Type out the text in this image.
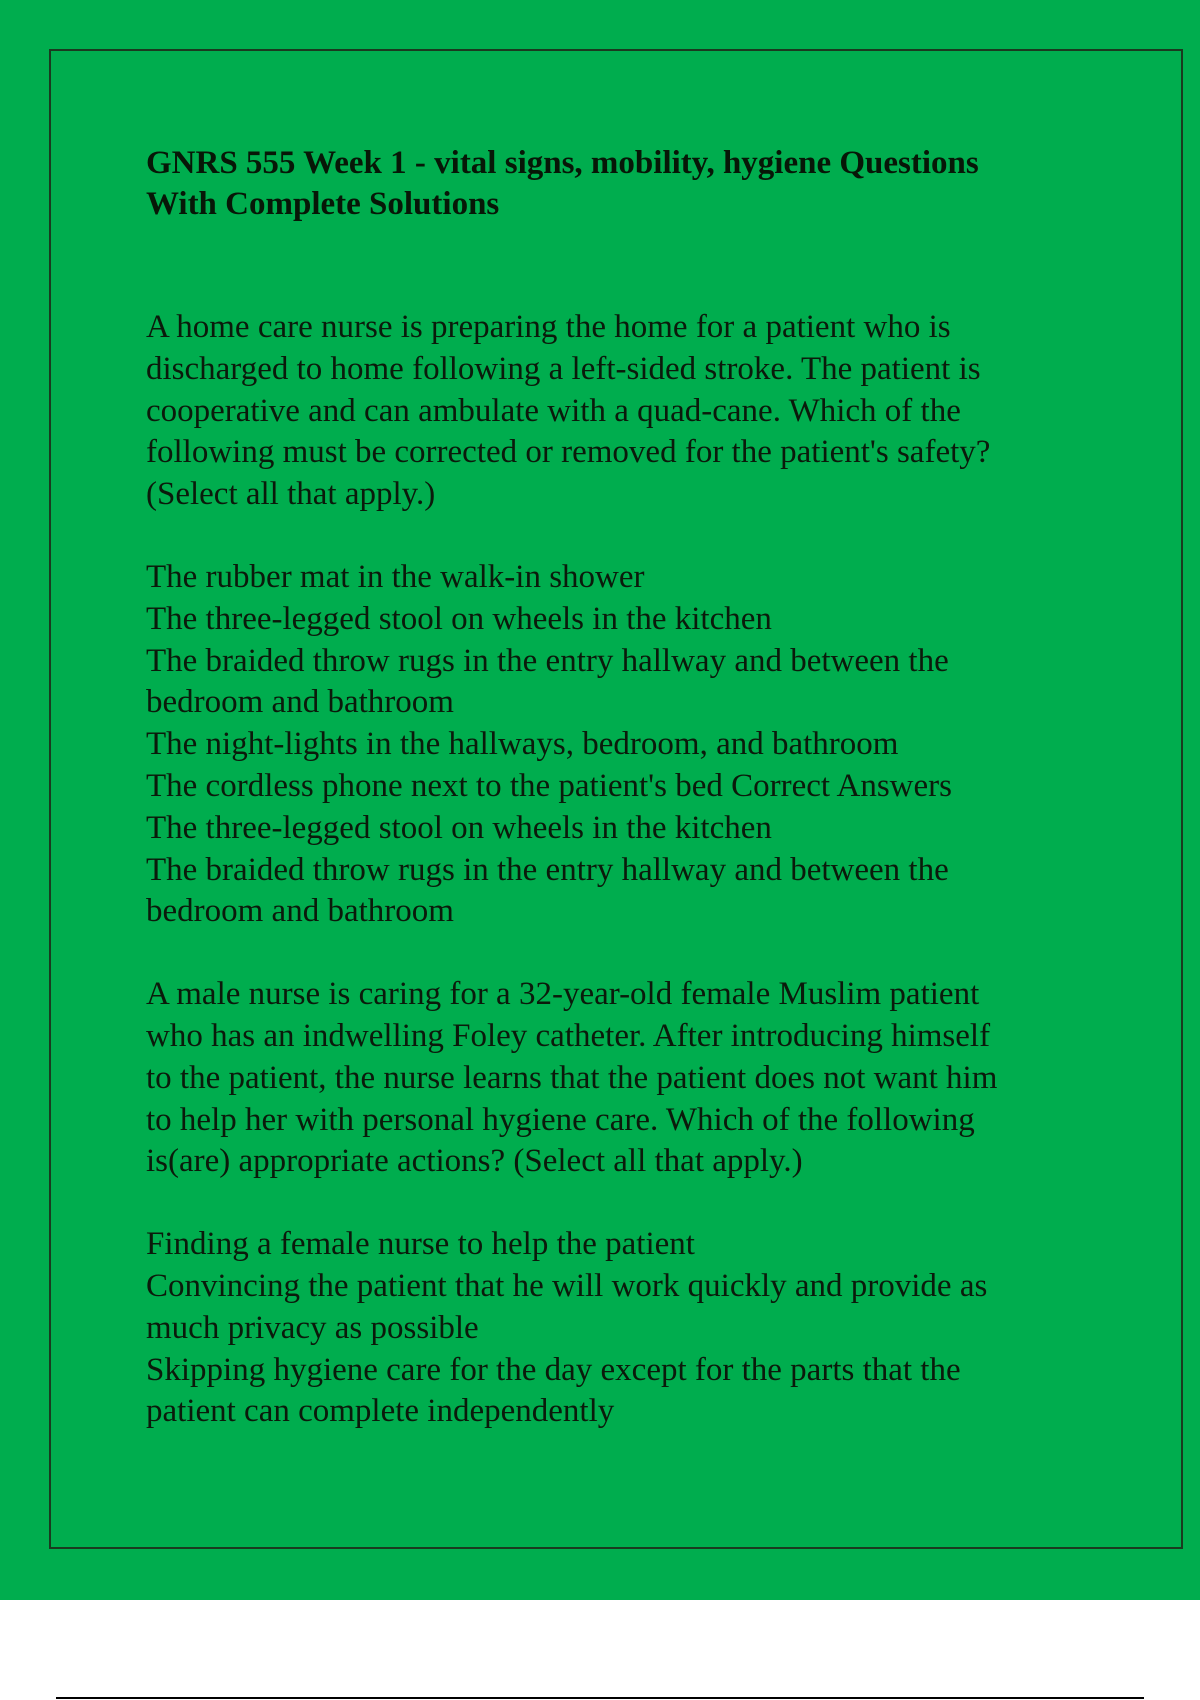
GNRS 555 Week 1 - vital signs, mobility, hygiene Questions
With Complete Solutions

A home care nurse is preparing the home for a patient who is
discharged to home following a left-sided stroke. The patient is
cooperative and can ambulate with a quad-cane. Which of the
following must be corrected or removed for the patient's safety?
(Select all that apply.)

The rubber mat in the walk-in shower
The three-legged stool on wheels in the kitchen
The braided throw rugs in the entry hallway and between the
bedroom and bathroom
The night-lights in the hallways, bedroom, and bathroom
The cordless phone next to the patient's bed Correct Answers
The three-legged stool on wheels in the kitchen
The braided throw rugs in the entry hallway and between the
bedroom and bathroom

A male nurse is caring for a 32-year-old female Muslim patient
who has an indwelling Foley catheter. After introducing himself
to the patient, the nurse learns that the patient does not want him
to help her with personal hygiene care. Which of the following
is(are) appropriate actions? (Select all that apply.)

Finding a female nurse to help the patient
Convincing the patient that he will work quickly and provide as
much privacy as possible
Skipping hygiene care for the day except for the parts that the
patient can complete independently
